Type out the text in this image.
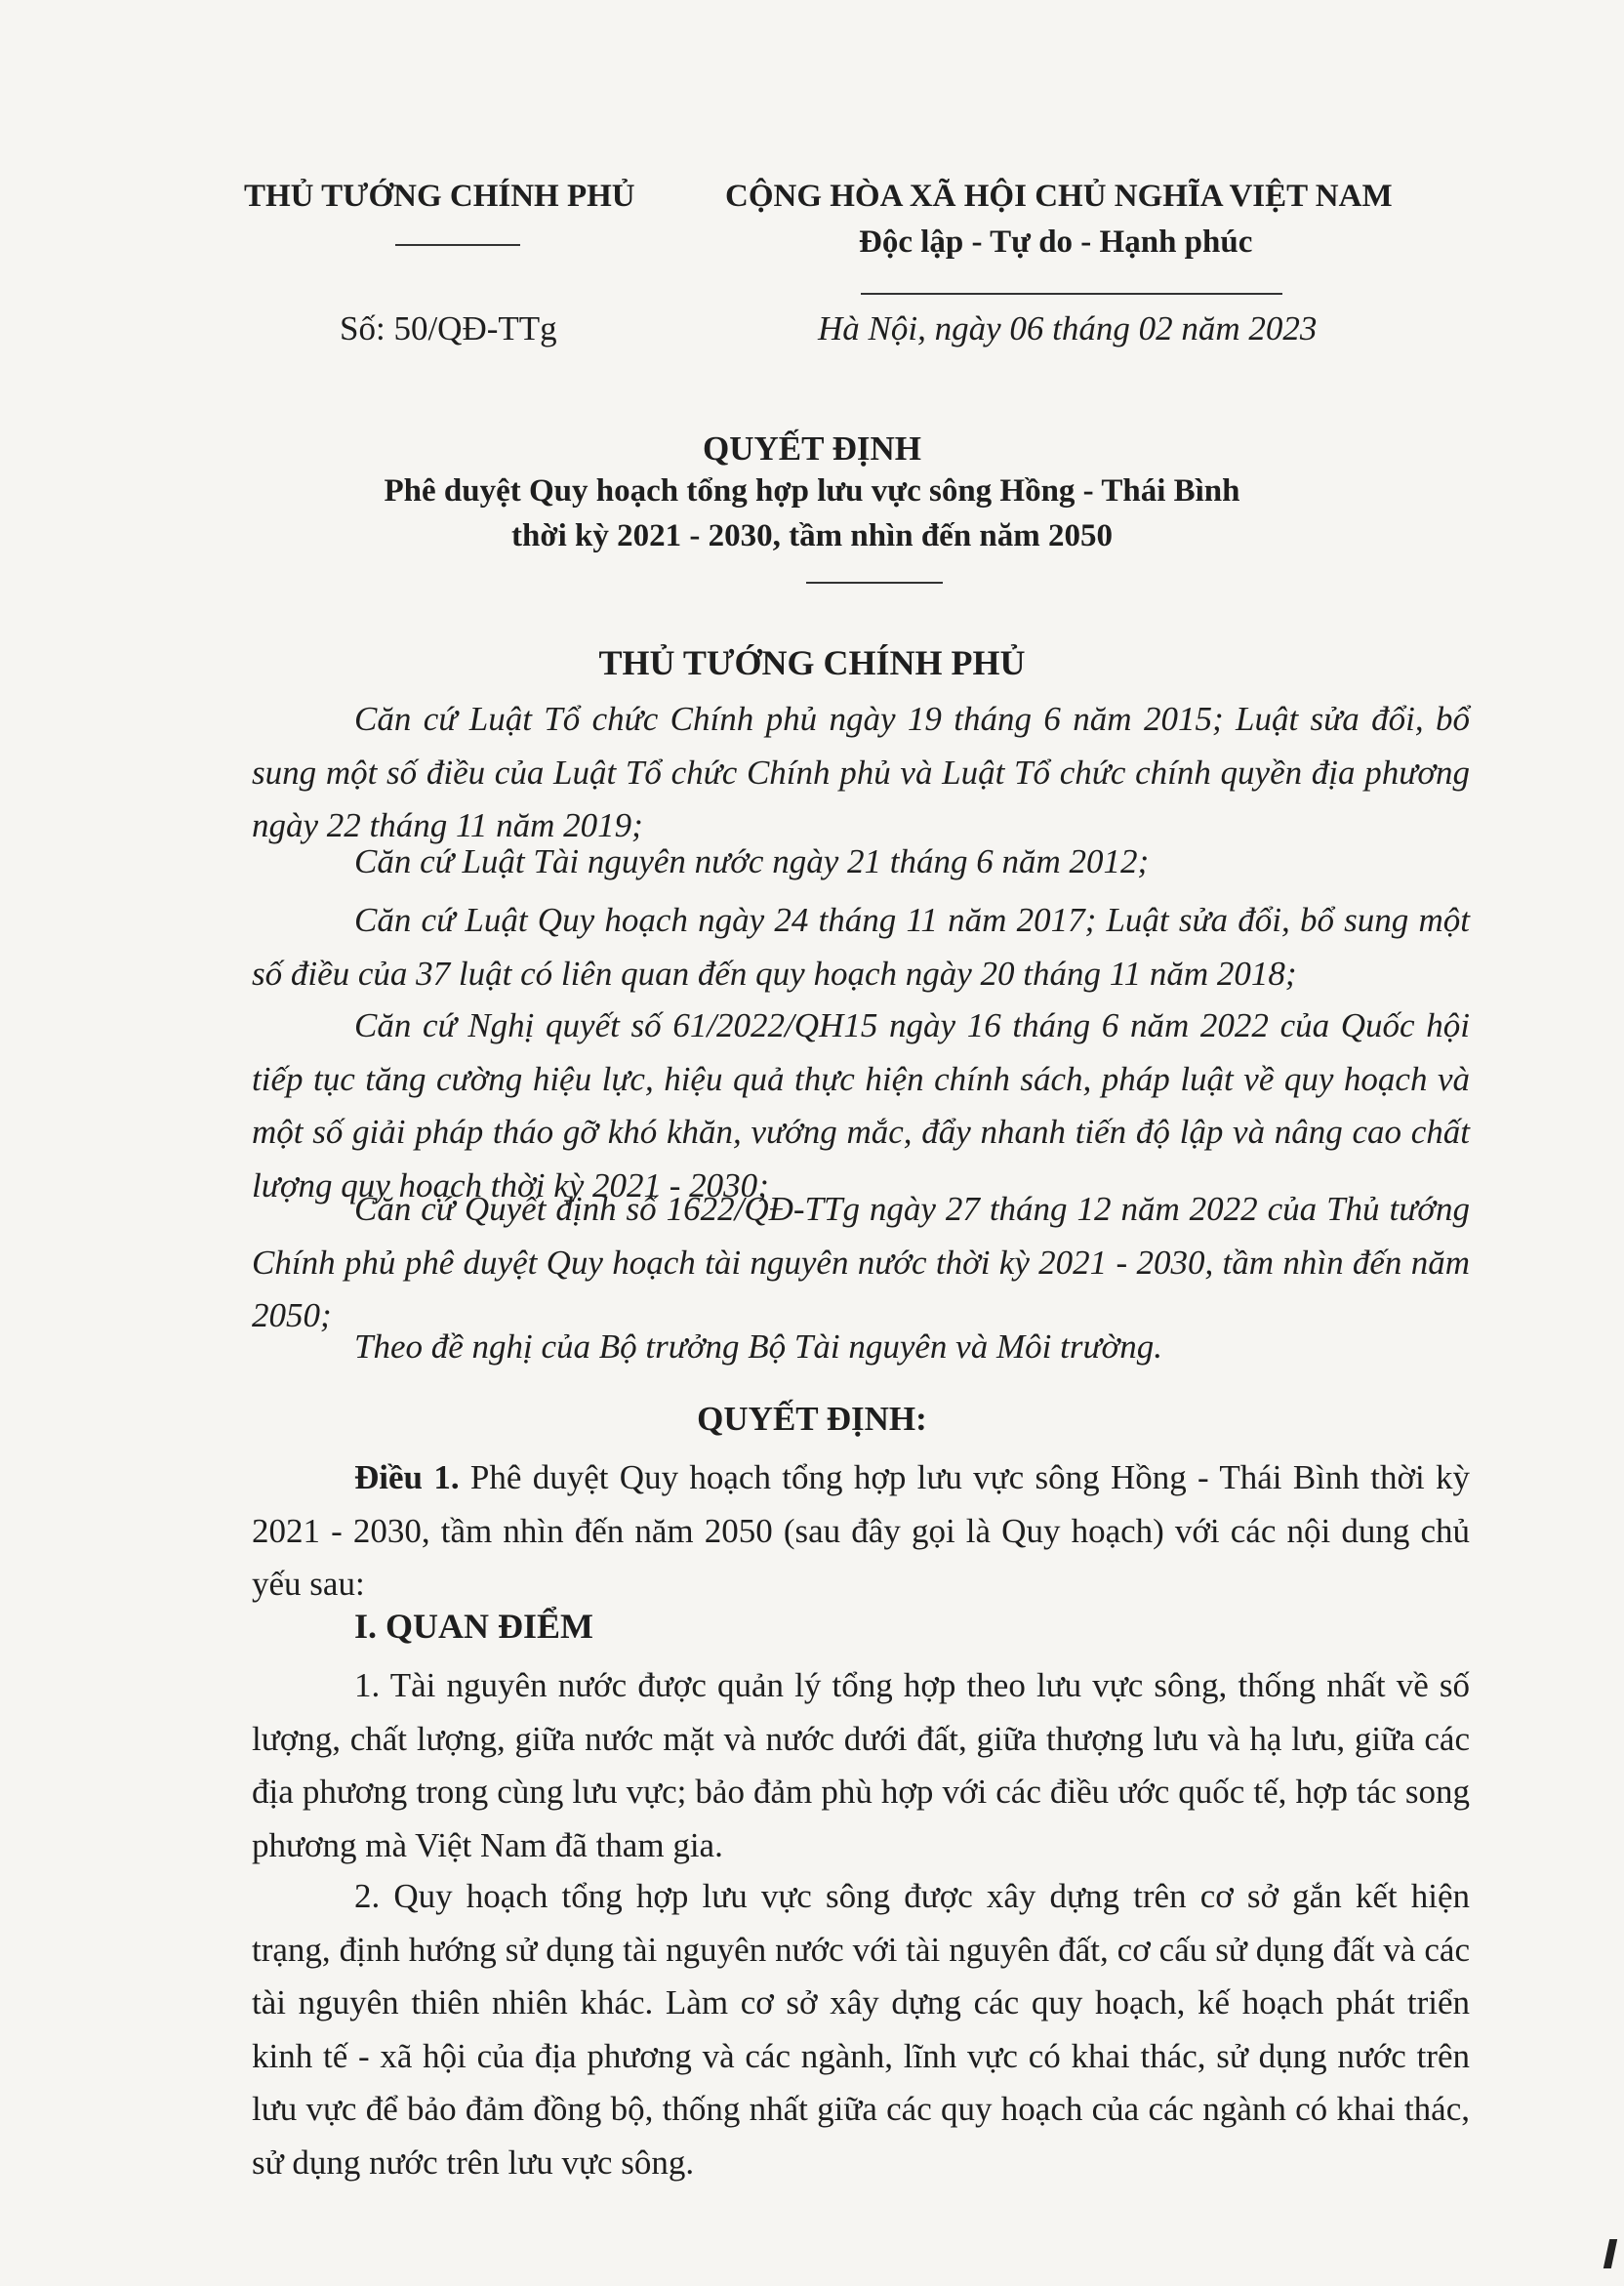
THỦ TƯỚNG CHÍNH PHỦ	CỘNG HÒA XÃ HỘI CHỦ NGHĨA VIỆT NAM
Độc lập - Tự do - Hạnh phúc
Số: 50/QĐ-TTg	Hà Nội, ngày 06 tháng 02 năm 2023
QUYẾT ĐỊNH
Phê duyệt Quy hoạch tổng hợp lưu vực sông Hồng - Thái Bình
thời kỳ 2021 - 2030, tầm nhìn đến năm 2050
THỦ TƯỚNG CHÍNH PHỦ
Căn cứ Luật Tổ chức Chính phủ ngày 19 tháng 6 năm 2015; Luật sửa đổi, bổ sung một số điều của Luật Tổ chức Chính phủ và Luật Tổ chức chính quyền địa phương ngày 22 tháng 11 năm 2019;
Căn cứ Luật Tài nguyên nước ngày 21 tháng 6 năm 2012;
Căn cứ Luật Quy hoạch ngày 24 tháng 11 năm 2017; Luật sửa đổi, bổ sung một số điều của 37 luật có liên quan đến quy hoạch ngày 20 tháng 11 năm 2018;
Căn cứ Nghị quyết số 61/2022/QH15 ngày 16 tháng 6 năm 2022 của Quốc hội tiếp tục tăng cường hiệu lực, hiệu quả thực hiện chính sách, pháp luật về quy hoạch và một số giải pháp tháo gỡ khó khăn, vướng mắc, đẩy nhanh tiến độ lập và nâng cao chất lượng quy hoạch thời kỳ 2021 - 2030;
Căn cứ Quyết định số 1622/QĐ-TTg ngày 27 tháng 12 năm 2022 của Thủ tướng Chính phủ phê duyệt Quy hoạch tài nguyên nước thời kỳ 2021 - 2030, tầm nhìn đến năm 2050;
Theo đề nghị của Bộ trưởng Bộ Tài nguyên và Môi trường.
QUYẾT ĐỊNH:
Điều 1. Phê duyệt Quy hoạch tổng hợp lưu vực sông Hồng - Thái Bình thời kỳ 2021 - 2030, tầm nhìn đến năm 2050 (sau đây gọi là Quy hoạch) với các nội dung chủ yếu sau:
I. QUAN ĐIỂM
1. Tài nguyên nước được quản lý tổng hợp theo lưu vực sông, thống nhất về số lượng, chất lượng, giữa nước mặt và nước dưới đất, giữa thượng lưu và hạ lưu, giữa các địa phương trong cùng lưu vực; bảo đảm phù hợp với các điều ước quốc tế, hợp tác song phương mà Việt Nam đã tham gia.
2. Quy hoạch tổng hợp lưu vực sông được xây dựng trên cơ sở gắn kết hiện trạng, định hướng sử dụng tài nguyên nước với tài nguyên đất, cơ cấu sử dụng đất và các tài nguyên thiên nhiên khác. Làm cơ sở xây dựng các quy hoạch, kế hoạch phát triển kinh tế - xã hội của địa phương và các ngành, lĩnh vực có khai thác, sử dụng nước trên lưu vực để bảo đảm đồng bộ, thống nhất giữa các quy hoạch của các ngành có khai thác, sử dụng nước trên lưu vực sông.
